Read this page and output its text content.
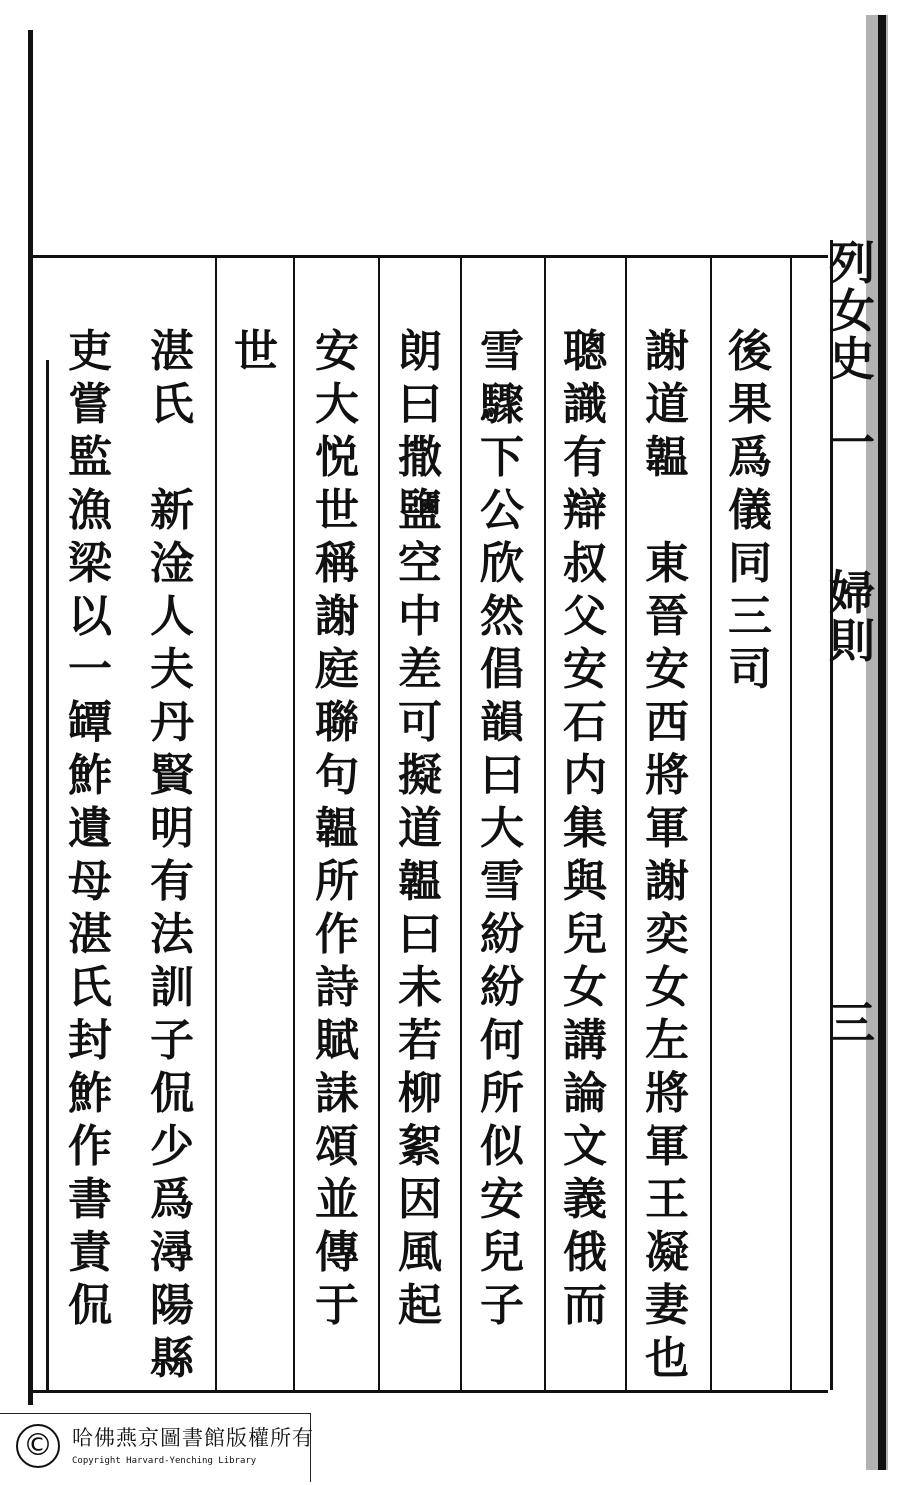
列
女
史
一
婦
則
三
後
果
爲
儀
同
三
司
謝
道
韞

東
晉
安
西
將
軍
謝
奕
女
左
將
軍
王
凝
妻
也
聰
識
有
辯
叔
父
安
石
内
集
與
兒
女
講
論
文
義
俄
而
雪
驟
下
公
欣
然
倡
韻
曰
大
雪
紛
紛
何
所
似
安
兒
子
朗
曰
撒
鹽
空
中
差
可
擬
道
韞
曰
未
若
柳
絮
因
風
起
安
大
悦
世
稱
謝
庭
聯
句
韞
所
作
詩
賦
誄
頌
並
傳
于
世
湛
氏

新
淦
人
夫
丹
賢
明
有
法
訓
子
侃
少
爲
潯
陽
縣
吏
嘗
監
漁
梁
以
一
罈
鮓
遺
母
湛
氏
封
鮓
作
書
責
侃
© 哈佛燕京圖書館版權所有
Copyright Harvard-Yenching Library
